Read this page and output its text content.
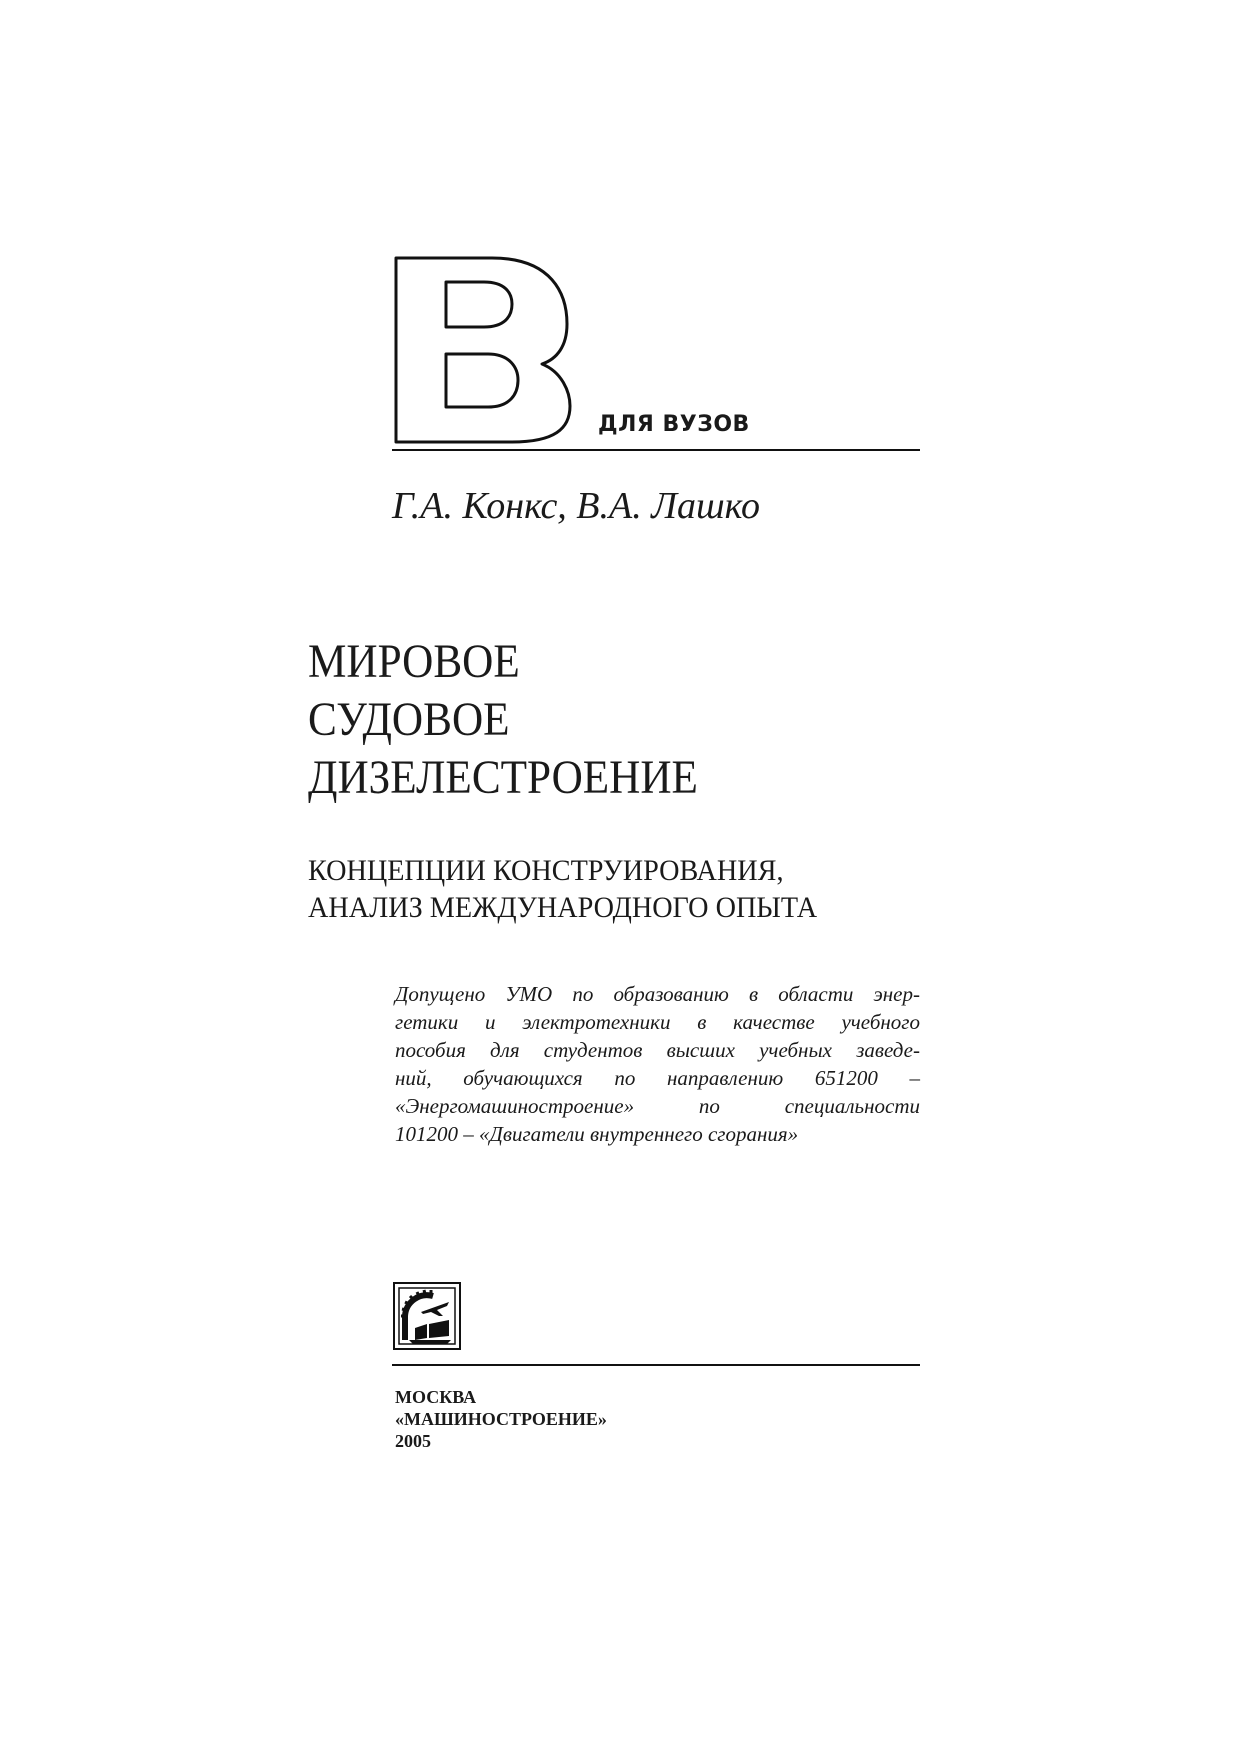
ДЛЯ ВУЗОВ
Г.А. Конкс, В.А. Лашко
МИРОВОЕ
СУДОВОЕ
ДИЗЕЛЕСТРОЕНИЕ
КОНЦЕПЦИИ КОНСТРУИРОВАНИЯ,
АНАЛИЗ МЕЖДУНАРОДНОГО ОПЫТА
Допущено УМО по образованию в области энер-
гетики и электротехники в качестве учебного
пособия для студентов высших учебных заведе-
ний, обучающихся по направлению 651200 –
«Энергомашиностроение» по специальности
101200 – «Двигатели внутреннего сгорания»
МОСКВА
«МАШИНОСТРОЕНИЕ»
2005
